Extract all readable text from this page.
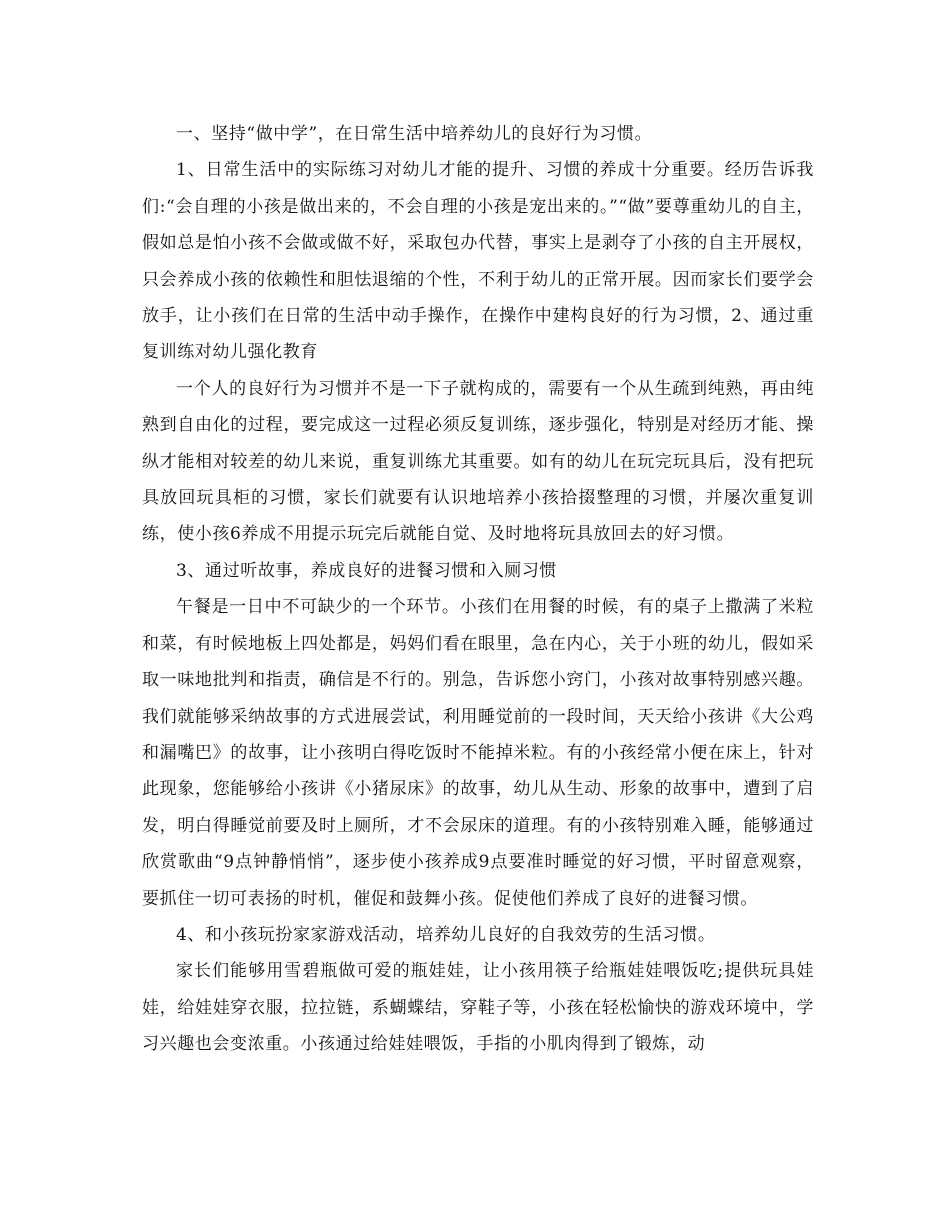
一、坚持“做中学”，在日常生活中培养幼儿的良好行为习惯。

1、日常生活中的实际练习对幼儿才能的提升、习惯的养成十分重要。经历告诉我们:“会自理的小孩是做出来的，不会自理的小孩是宠出来的。”“做”要尊重幼儿的自主，假如总是怕小孩不会做或做不好，采取包办代替，事实上是剥夺了小孩的自主开展权，只会养成小孩的依赖性和胆怯退缩的个性，不利于幼儿的正常开展。因而家长们要学会放手，让小孩们在日常的生活中动手操作，在操作中建构良好的行为习惯，2、通过重复训练对幼儿强化教育

一个人的良好行为习惯并不是一下子就构成的，需要有一个从生疏到纯熟，再由纯熟到自由化的过程，要完成这一过程必须反复训练，逐步强化，特别是对经历才能、操纵才能相对较差的幼儿来说，重复训练尤其重要。如有的幼儿在玩完玩具后，没有把玩具放回玩具柜的习惯，家长们就要有认识地培养小孩拾掇整理的习惯，并屡次重复训练，使小孩6养成不用提示玩完后就能自觉、及时地将玩具放回去的好习惯。

3、通过听故事，养成良好的进餐习惯和入厕习惯

午餐是一日中不可缺少的一个环节。小孩们在用餐的时候，有的桌子上撒满了米粒和菜，有时候地板上四处都是，妈妈们看在眼里，急在内心，关于小班的幼儿，假如采取一味地批判和指责，确信是不行的。别急，告诉您小窍门，小孩对故事特别感兴趣。我们就能够采纳故事的方式进展尝试，利用睡觉前的一段时间，天天给小孩讲《大公鸡和漏嘴巴》的故事，让小孩明白得吃饭时不能掉米粒。有的小孩经常小便在床上，针对此现象，您能够给小孩讲《小猪尿床》的故事，幼儿从生动、形象的故事中，遭到了启发，明白得睡觉前要及时上厕所，才不会尿床的道理。有的小孩特别难入睡，能够通过欣赏歌曲“9点钟静悄悄”，逐步使小孩养成9点要准时睡觉的好习惯，平时留意观察，要抓住一切可表扬的时机，催促和鼓舞小孩。促使他们养成了良好的进餐习惯。

4、和小孩玩扮家家游戏活动，培养幼儿良好的自我效劳的生活习惯。

家长们能够用雪碧瓶做可爱的瓶娃娃，让小孩用筷子给瓶娃娃喂饭吃;提供玩具娃娃，给娃娃穿衣服，拉拉链，系蝴蝶结，穿鞋子等，小孩在轻松愉快的游戏环境中，学习兴趣也会变浓重。小孩通过给娃娃喂饭，手指的小肌肉得到了锻炼，动
